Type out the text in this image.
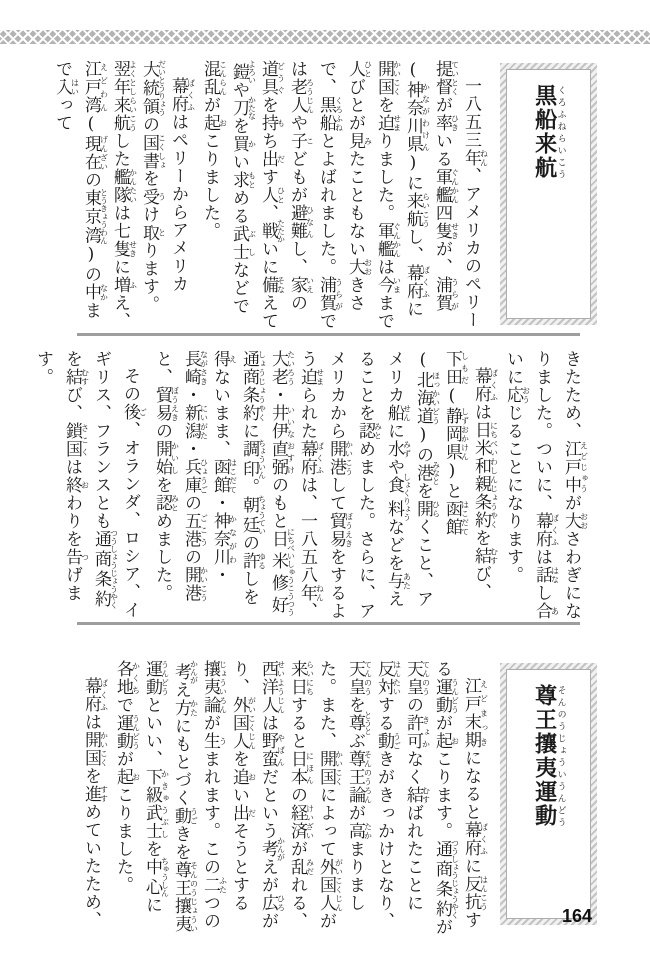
黒船来航くろふねらいこう

一八五三年ねん、アメリカのペリー提督ていとくが率ひきいる軍艦ぐんかん四隻せきが、浦賀うらが(神奈川県かながわけん)に来航らいこうし、幕府ばくふに開国かいこくを迫せまりました。軍艦ぐんかんは今いままで人ひとびとが見みたこともない大おおきさで、黒船くろふねとよばれました。浦賀うらがでは老人ろうじんや子こどもが避難ひなんし、家いえの道具どうぐを持もち出だす人ひと、戦たたかいに備そなえて鎧よろいや刀かたなを買かい求もとめる武士ぶしなどで混乱こんらんが起おこりました。

幕府ばくふはペリーからアメリカ大統領だいとうりょうの国書こくしょを受うけ取とります。翌年よくとし来航らいこうした艦隊かんたいは七隻せきに増ふえ、江戸湾えどわん(現在げんざいの東京湾とうきょうわん)の中なかまで入はいって

きたため、江戸中えどじゅうが大おおさわぎになりました。ついに、幕府ばくふは話はなし合あいに応おうじることになります。

幕府ばくふは日米和親条約にちべいわしんじょうやくを結むすび、下田しもだ(静岡県しずおかけん)と函館はこだて(北海道ほっかいどう)の港みなとを開ひらくこと、アメリカ船せんに水みずや食料しょくりょうなどを与あたえることを認みとめました。さらに、アメリカから開港かいこうして貿易ぼうえきをするよう迫せまられた幕府ばくふは、一八五八年ねん、大老たいろう・井伊直弼いいなおすけのもと日米修好通商条約にちべいしゅうこうつうしょうじょうやくに調印ちょういん。朝廷ちょうていの許ゆるしを得えないまま、函館はこだて・神奈川かながわ・長崎ながさき・新潟にいがた・兵庫ひょうごの五港ごこうの開港かいこうと、貿易ぼうえきの開始かいしを認みとめました。

その後ご、オランダ、ロシア、イギリス、フランスとも通商条約つうしょうじょうやくを結むすび、鎖国さこくは終おわりを告つげます。

尊王攘夷運動そんのうじょういうんどう

江戸末期えどまっきになると幕府ばくふに反抗はんこうする運動うんどうが起おこります。通商条約つうしょうじょうやくが天皇てんのうの許可きょかなく結むすばれたことに反対はんたいする動うごきがきっかけとなり、天皇てんのうを尊とうとぶ尊王論そんのうろんが高たかまりました。また、開国かいこくによって外国人がいこくじんが来日らいにちすると日本にほんの経済けいざいが乱みだれる、西洋人せいようじんは野蛮やばんだという考かんがえが広ひろがり、外国人がいこくじんを追おい出だそうとする攘夷論じょういろんが生うまれます。この二ふたつの考かんがえ方かたにもとづく動うごきを尊王攘夷運動そんのうじょういうんどうといい、下級武士かきゅうぶしを中心ちゅうしんに各地かくちで運動うんどうが起おこりました。

幕府ばくふは開国かいこくを進すすめていたため、	164
